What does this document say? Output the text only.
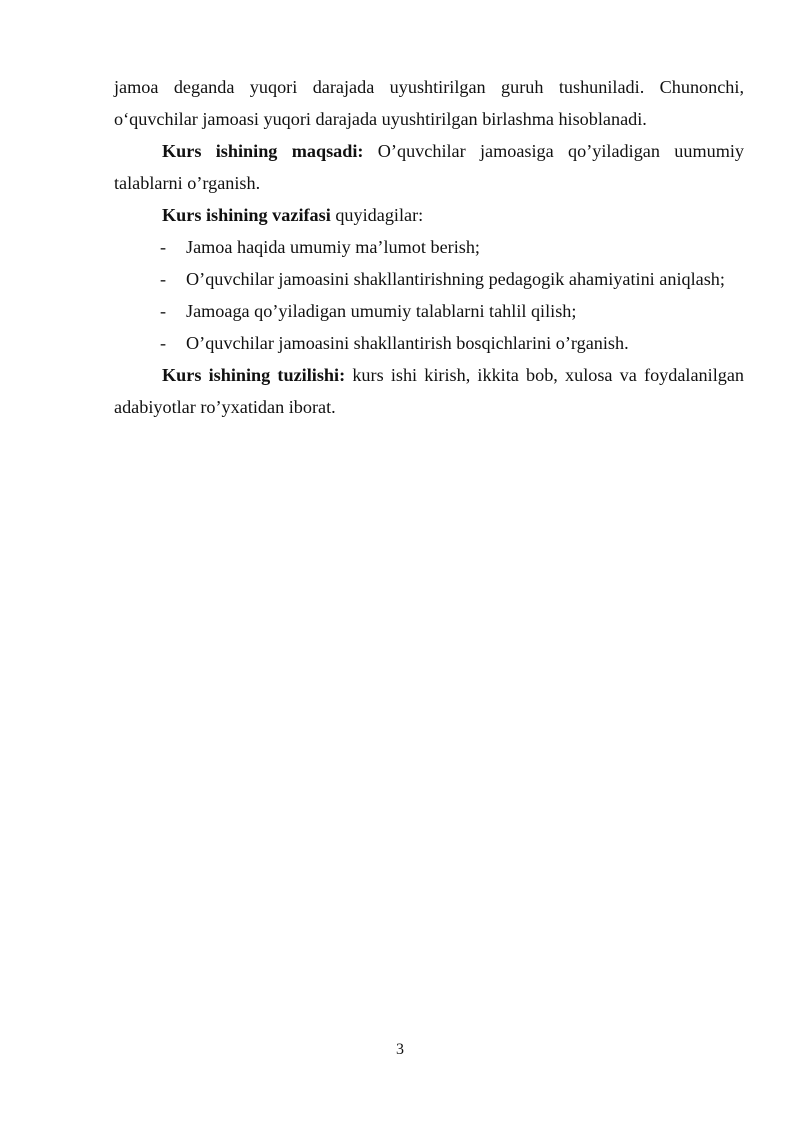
jamoa deganda yuqori darajada uyushtirilgan guruh tushuniladi. Chunonchi, o‘quvchilar jamoasi yuqori darajada uyushtirilgan birlashma hisoblanadi.

Kurs ishining maqsadi: O’quvchilar jamoasiga qo’yiladigan uumumiy talablarni o’rganish.

Kurs ishining vazifasi quyidagilar:

- Jamoa haqida umumiy ma’lumot berish;
- O’quvchilar jamoasini shakllantirishning pedagogik ahamiyatini aniqlash;
- Jamoaga qo’yiladigan umumiy talablarni tahlil qilish;
- O’quvchilar jamoasini shakllantirish bosqichlarini o’rganish.

Kurs ishining tuzilishi: kurs ishi kirish, ikkita bob, xulosa va foydalanilgan adabiyotlar ro’yxatidan iborat.

3
